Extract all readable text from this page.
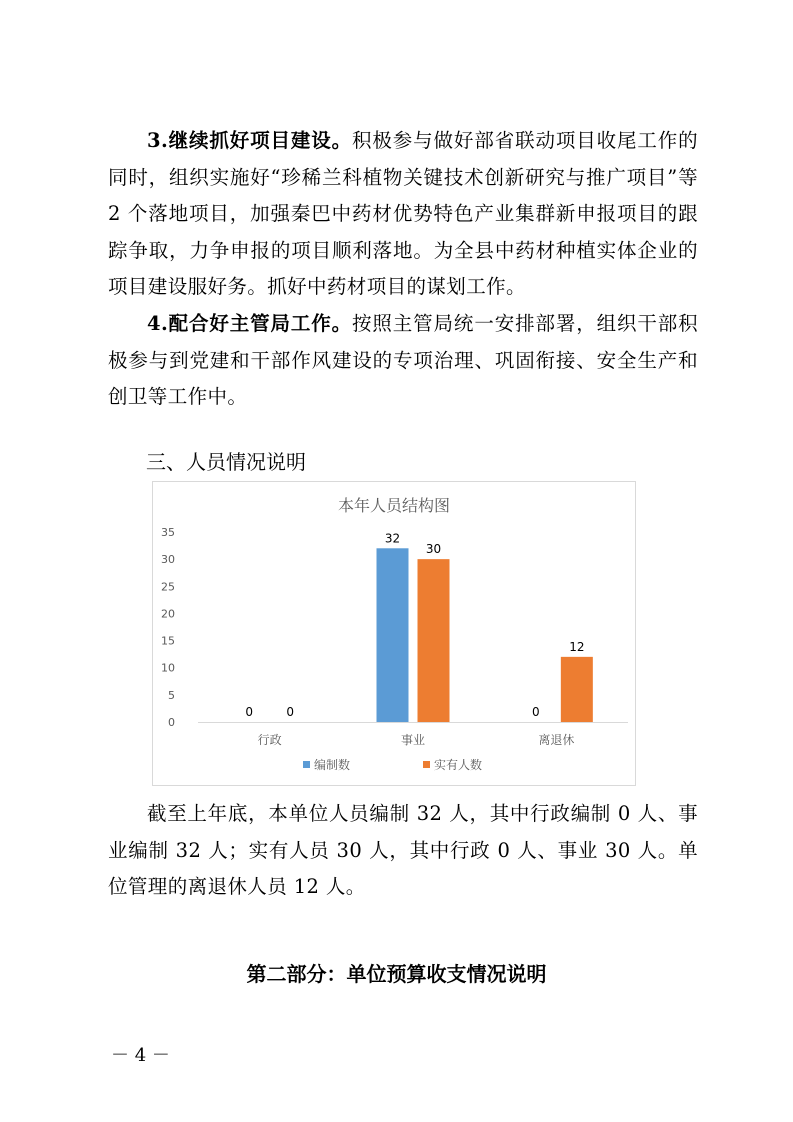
3.继续抓好项目建设。积极参与做好部省联动项目收尾工作的同时，组织实施好“珍稀兰科植物关键技术创新研究与推广项目”等 2 个落地项目，加强秦巴中药材优势特色产业集群新申报项目的跟踪争取，力争申报的项目顺利落地。为全县中药材种植实体企业的项目建设服好务。抓好中药材项目的谋划工作。
4.配合好主管局工作。按照主管局统一安排部署，组织干部积极参与到党建和干部作风建设的专项治理、巩固衔接、安全生产和创卫等工作中。
三、人员情况说明
本年人员结构图
0
5
10
15
20
25
30
35
0	0
32
30
0
12
行政	事业	离退休
编制数	实有人数
截至上年底，本单位人员编制 32 人，其中行政编制 0 人、事业编制 32 人；实有人员 30 人，其中行政 0 人、事业 30 人。单位管理的离退休人员 12 人。
第二部分：单位预算收支情况说明
－ 4 －
